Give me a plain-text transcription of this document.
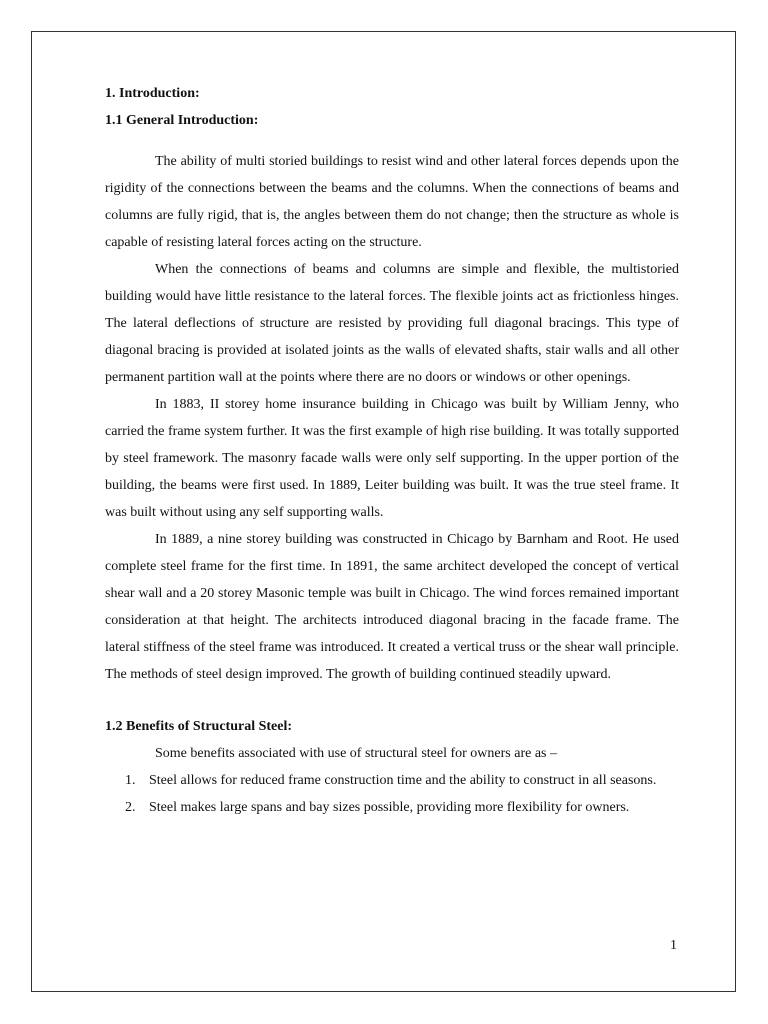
1. Introduction:

1.1 General Introduction:

The ability of multi storied buildings to resist wind and other lateral forces depends upon the rigidity of the connections between the beams and the columns. When the connections of beams and columns are fully rigid, that is, the angles between them do not change; then the structure as whole is capable of resisting lateral forces acting on the structure.

When the connections of beams and columns are simple and flexible, the multistoried building would have little resistance to the lateral forces. The flexible joints act as frictionless hinges. The lateral deflections of structure are resisted by providing full diagonal bracings. This type of diagonal bracing is provided at isolated joints as the walls of elevated shafts, stair walls and all other permanent partition wall at the points where there are no doors or windows or other openings.

In 1883, II storey home insurance building in Chicago was built by William Jenny, who carried the frame system further. It was the first example of high rise building. It was totally supported by steel framework. The masonry facade walls were only self supporting. In the upper portion of the building, the beams were first used. In 1889, Leiter building was built. It was the true steel frame. It was built without using any self supporting walls.

In 1889, a nine storey building was constructed in Chicago by Barnham and Root. He used complete steel frame for the first time. In 1891, the same architect developed the concept of vertical shear wall and a 20 storey Masonic temple was built in Chicago. The wind forces remained important consideration at that height. The architects introduced diagonal bracing in the facade frame. The lateral stiffness of the steel frame was introduced. It created a vertical truss or the shear wall principle. The methods of steel design improved. The growth of building continued steadily upward.

1.2 Benefits of Structural Steel:

Some benefits associated with use of structural steel for owners are as –

1. Steel allows for reduced frame construction time and the ability to construct in all seasons.
2. Steel makes large spans and bay sizes possible, providing more flexibility for owners.
1
